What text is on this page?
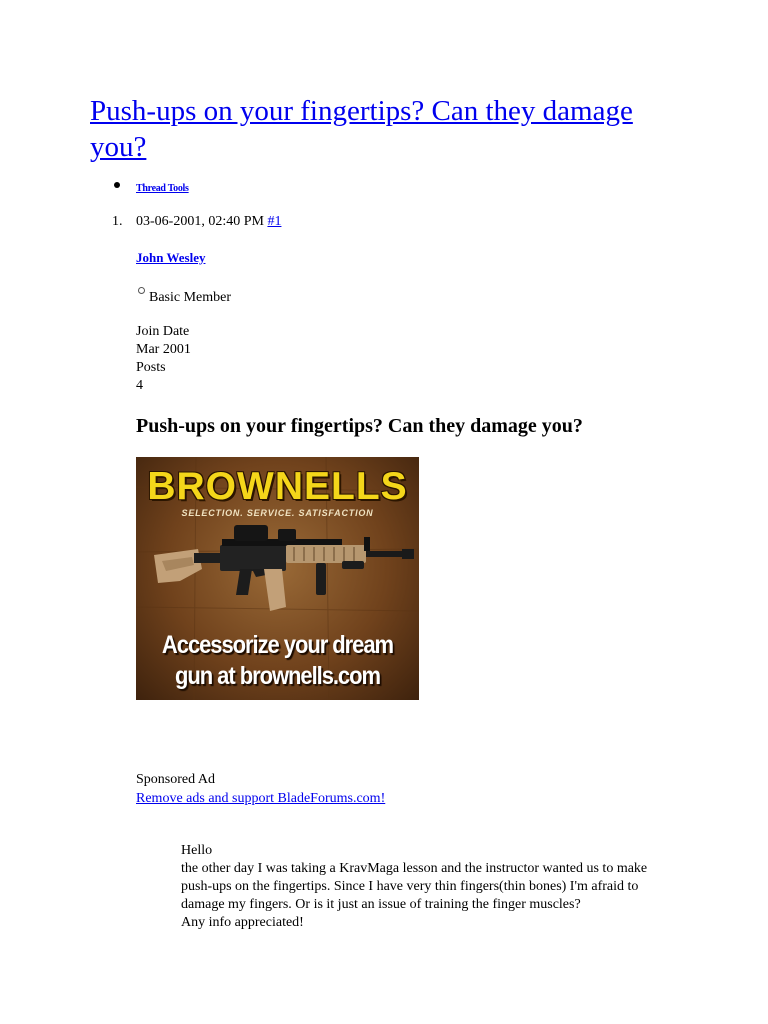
Push-ups on your fingertips? Can they damage you?
Thread Tools
1. 03-06-2001, 02:40 PM #1
John Wesley
Basic Member
Join Date
Mar 2001
Posts
4
Push-ups on your fingertips? Can they damage you?
BROWNELLS
SELECTION. SERVICE. SATISFACTION
Accessorize your dream
gun at brownells.com
Sponsored Ad
Remove ads and support BladeForums.com!

Hello

the other day I was taking a KravMaga lesson and the instructor wanted us to make push-ups on the fingertips. Since I have very thin fingers(thin bones) I'm afraid to damage my fingers. Or is it just an issue of training the finger muscles?

Any info appreciated!
